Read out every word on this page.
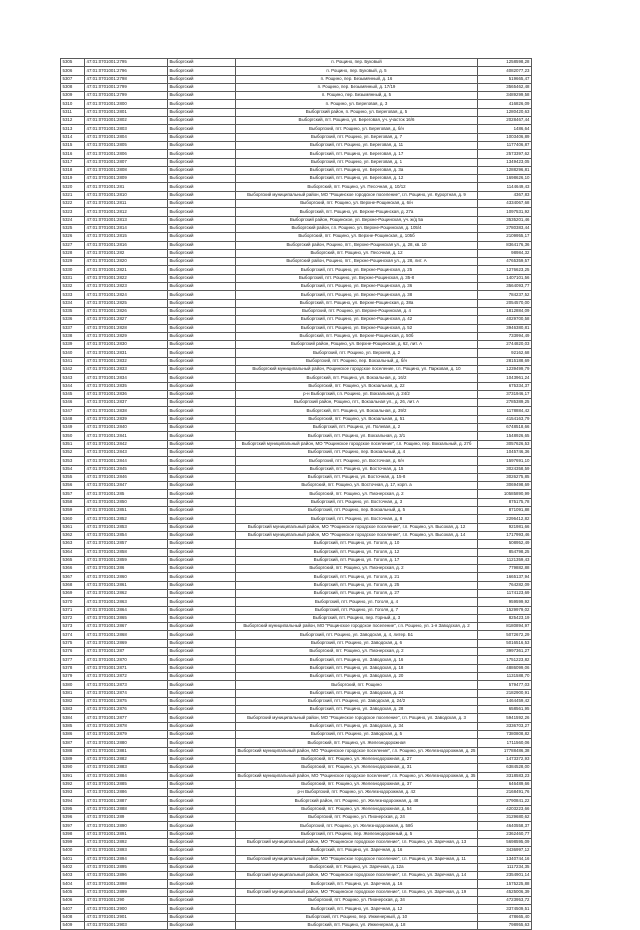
5305	47:01:0701001:2795	Выборгский	п. Рощино, пер. Буковый	1258598,28
5306	47:01:0701001:2796	Выборгский	п. Рощино, пер. Буковый, д. 5	4082077,23
5307	47:01:0701001:2798	Выборгский	п. Рощино, пер. Безымянный, д. 16	519665,47
5308	47:01:0701001:2799	Выборгский	п. Рощино, пер. Безымянный, д. 17/19	3565462,48
5309	47:01:0701001:2799	Выборгский	п. Рощино, пер. Безымянный, д. 5	3489299,58
5310	47:01:0701001:2800	Выборгский	п. Рощино, ул. Береговая, д. 3	416826,09
5311	47:01:0701001:2801	Выборгский	Выборгский район, п. Рощино, ул. Береговая, д. 5	1280420,63
5312	47:01:0701001:2802	Выборгский	Выборгский, пгт. Рощино, ул. Береговая, уч. участок 16/6	2028467,44
5313	47:01:0701001:2803	Выборгский	Выборгский, пгт. Рощино, ул. Береговая, д. б/н	1486,64
5314	47:01:0701001:2804	Выборгский	Выборгский, пгт. Рощино, ул. Береговая, д. 7	1003406,89
5315	47:01:0701001:2805	Выборгский	Выборгский, пгт. Рощино, ул. Береговая, д. 11	1177406,87
5316	47:01:0701001:2806	Выборгский	Выборгский, пгт. Рощино, ул. Береговая, д. 17	2573397,62
5317	47:01:0701001:2807	Выборгский	Выборгский, пгт. Рощино, ул. Береговая, д. 1	1349423,05
5318	47:01:0701001:2808	Выборгский	Выборгский, пгт. Рощино, ул. Береговая, д. 3а	1288296,81
5319	47:01:0701001:2809	Выборгский	Выборгский, пгт. Рощино, ул. Береговая, д. 12	1698626,10
5320	47:01:0701001:281	Выборгский	Выборгский, пгт. Рощино, ул. Песочная, д. 10/12	1144649,43
5321	47:01:0701001:2810	Выборгский	Выборгский муниципальный район, МО "Рощинское городское поселение", г.п. Рощино, ул. Курортная, д. 9	4367,83
5322	47:01:0701001:2811	Выборгский	Выборгский, пгт. Рощино, ул. Верхне-Рощинская, д. 6/н	4334067,68
5323	47:01:0701001:2812	Выборгский	Выборгский, пгт. Рощино, ул. Верхне-Рощинская, д. 27а	1097531,92
5324	47:01:0701001:2813	Выборгский	Выборгский район, Рощинское, ул. Верхне-Рощинская, уч. ж/д 5а	3535201,46
5325	47:01:0701001:2814	Выборгский	Выборгский район, г.п. Рощино, ул. Верхне-Рощинская, д. 105/4	2780383,44
5326	47:01:0701001:2815	Выборгский	Выборгский, пгт. Рощино, ул. Верхне-Рощинская, д. 105б	2109955,17
5327	47:01:0701001:2816	Выборгский	Выборгский район, Рощино, пгт., Верхне-Рощинская ул., д. 28, кв. 10	8364176,36
5328	47:01:0701001:282	Выборгский	Выборгский, пгт. Рощино, ул. Песочная, д. 12	98984,32
5329	47:01:0701001:2820	Выборгский	Выборгский район, Рощино, пгт., Верхне-Рощинская ул., д. 28, лит. А	4765359,57
5330	47:01:0701001:2821	Выборгский	Выборгский, пгт. Рощино, ул. Верхне-Рощинская, д. 25	1276623,25
5331	47:01:0701001:2822	Выборгский	Выборгский, пгт. Рощино, ул. Верхне-Рощинская, д. 35-8	1407101,56
5332	47:01:0701001:2823	Выборгский	Выборгский, пгт. Рощино, ул. Верхне-Рощинская, д. 36	3564093,77
5333	47:01:0701001:2824	Выборгский	Выборгский, пгт. Рощино, ул. Верхне-Рощинская, д. 38	784237,52
5334	47:01:0701001:2825	Выборгский	Выборгский, пгт. Рощино, ул. Верхне-Рощинская, д. 38а	2054570,00
5335	47:01:0701001:2826	Выборгский	Выборгский, пгт. Рощино, ул. Верхне-Рощинская, д. 4	1812884,09
5336	47:01:0701001:2827	Выборгский	Выборгский, пгт. Рощино, ул. Верхне-Рощинская, д. 42	4029700,58
5337	47:01:0701001:2828	Выборгский	Выборгский, пгт. Рощино, ул. Верхне-Рощинская, д. 52	3946380,81
5338	47:01:0701001:2829	Выборгский	Выборгский, пгт. Рощино, ул. Верхне-Рощинская, д. 50б	733994,49
5339	47:01:0701001:2830	Выборгский	Выборгский район, Рощино, ул. Верхне-Рощинская, д. 62, лит. А	2744820,03
5340	47:01:0701001:2831	Выборгский	Выборгский, пгт. Рощино, ул. Верхняя, д. 2	92162,68
5341	47:01:0701001:2832	Выборгский	Выборгский, пгт. Рощино, пер. Вокзальный, д. б/н	2815188,69
5342	47:01:0701001:2833	Выборгский	Выборгский муниципальный район, Рощинское городское поселение, г.п. Рощино, ул. Парковая, д. 10	1239499,79
5343	47:01:0701001:2834	Выборгский	Выборгский, пгт. Рощино, ул. Вокзальная, д. 16/2	1043961,24
5344	47:01:0701001:2835	Выборгский	Выборгский, пгт. Рощино, ул. Вокзальная, д. 22	675334,37
5345	47:01:0701001:2836	Выборгский	р-н Выборгский, г.п. Рощино, ул. Вокзальная, д. 24/2	3731946,17
5346	47:01:0701001:2837	Выборгский	Выборгский район, Рощино, пгт., Вокзальная ул., д. 26, лит. А	2785389,25
5347	47:01:0701001:2838	Выборгский	Выборгский, пгт. Рощино, ул. Вокзальная, д. 39/2	1178884,42
5348	47:01:0701001:2839	Выборгский	Выборгский, пгт. Рощино, ул. Вокзальная, д. 51	4154163,79
5349	47:01:0701001:2840	Выборгский	Выборгский, пгт. Рощино, ул. Полевая, д. 2	6748518,66
5350	47:01:0701001:2841	Выборгский	Выборгский, пгт. Рощино, ул. Вокзальная, д. 3/1	1548926,65
5351	47:01:0701001:2842	Выборгский	Выборгский муниципальный район, МО "Рощинское городское поселение", г.п. Рощино, пер. Вокзальный, д. 27б	3057626,53
5352	47:01:0701001:2843	Выборгский	Выборгский, пгт. Рощино, пер. Вокзальный, д. 4	1045746,36
5353	47:01:0701001:2844	Выборгский	Выборгский, пгт. Рощино, ул. Восточная, д. 6/н	1597691,10
5354	47:01:0701001:2845	Выборгский	Выборгский, пгт. Рощино, ул. Восточная, д. 15	3024358,59
5355	47:01:0701001:2846	Выборгский	Выборгский, пгт. Рощино, ул. Восточная, д. 15-8	3026275,85
5356	47:01:0701001:2847	Выборгский	Выборгский, пгт. Рощино, ул. Восточная, д. 17, корп. а	3069498,69
5357	47:01:0701001:285	Выборгский	Выборгский, пгт. Рощино, ул. Пионерская, д. 2	10585890,99
5358	47:01:0701001:2850	Выборгский	Выборгский, пгт. Рощино, ул. Восточная, д. 3	875175,78
5359	47:01:0701001:2851	Выборгский	Выборгский, пгт. Рощино, пер. Вокзальный, д. 5	871091,88
5360	47:01:0701001:2852	Выборгский	Выборгский, пгт. Рощино, ул. Восточная, д. 8	2296412,82
5361	47:01:0701001:2853	Выборгский	Выборгский муниципальный район, МО "Рощинское городское поселение", г.п. Рощино, ул. Высокая, д. 12	921981,66
5362	47:01:0701001:2854	Выборгский	Выборгский муниципальный район, МО "Рощинское городское поселение", г.п. Рощино, ул. Высокая, д. 14	1717993,46
5363	47:01:0701001:2857	Выборгский	Выборгский, пгт. Рощино, ул. Гоголя, д. 10	508952,49
5364	47:01:0701001:2858	Выборгский	Выборгский, пгт. Рощино, ул. Гоголя, д. 12	854798,25
5365	47:01:0701001:2859	Выборгский	Выборгский, пгт. Рощино, ул. Гоголя, д. 17	1121359,43
5366	47:01:0701001:286	Выборгский	Выборгский, пгт. Рощино, ул. Пионерская, д. 2	779882,88
5367	47:01:0701001:2860	Выборгский	Выборгский, пгт. Рощино, ул. Гоголя, д. 21	1665137,94
5368	47:01:0701001:2861	Выборгский	Выборгский, пгт. Рощино, ул. Гоголя, д. 25	764282,09
5369	47:01:0701001:2862	Выборгский	Выборгский, пгт. Рощино, ул. Гоголя, д. 27	1174123,69
5370	47:01:0701001:2863	Выборгский	Выборгский, пгт. Рощино, ул. Гоголя, д. 4	959599,92
5371	47:01:0701001:2864	Выборгский	Выборгский, пгт. Рощино, ул. Гоголя, д. 7	1529979,02
5372	47:01:0701001:2865	Выборгский	Выборгский, пгт. Рощино, пер. Горный, д. 3	825423,19
5373	47:01:0701001:2867	Выборгский	Выборгский муниципальный район, МО "Рощинское городское поселение", г.п. Рощино, ул. 1-я Заводская, д. 2	8180894,97
5374	47:01:0701001:2868	Выборгский	Выборгский, пгт. Рощино, ул. Заводская, д. 4, литер. Б1	5072672,29
5375	47:01:0701001:2869	Выборгский	Выборгский, пгт. Рощино, ул. Заводская, д. 6	5016516,53
5376	47:01:0701001:287	Выборгский	Выборгский, пгт. Рощино, ул. Пионерская, д. 2	3997361,27
5377	47:01:0701001:2870	Выборгский	Выборгский, пгт. Рощино, ул. Заводская, д. 16	1751223,82
5378	47:01:0701001:2871	Выборгский	Выборгский, пгт. Рощино, ул. Заводская, д. 18	4886099,06
5379	47:01:0701001:2872	Выборгский	Выборгский, пгт. Рощино, ул. Заводская, д. 20	1131588,70
5380	47:01:0701001:2873	Выборгский	Выборгский, пгт. Рощино	579477,03
5381	47:01:0701001:2874	Выборгский	Выборгский, пгт. Рощино, ул. Заводская, д. 24	2182900,91
5382	47:01:0701001:2875	Выборгский	Выборгский, пгт. Рощино, ул. Заводская, д. 24/2	1464459,42
5383	47:01:0701001:2876	Выборгский	Выборгский, пгт. Рощино, ул. Заводская, д. 28	658561,95
5384	47:01:0701001:2877	Выборгский	Выборгский муниципальный район, МО "Рощинское городское поселение", г.п. Рощино, ул. Заводская, д. 3	5941592,26
5385	47:01:0701001:2878	Выборгский	Выборгский, пгт. Рощино, ул. Заводская, д. 34	3336703,27
5386	47:01:0701001:2879	Выборгский	Выборгский, пгт. Рощино, ул. Заводская, д. 5	7380808,82
5387	47:01:0701001:2880	Выборгский	Выборгский, пгт. Рощино, ул. Железнодорожная	1711560,06
5388	47:01:0701001:2881	Выборгский	Выборгский муниципальный район, МО "Рощинское городское поселение", г.п. Рощино, ул. Железнодорожная, д. 25	17788486,38
5389	47:01:0701001:2882	Выборгский	Выборгский, пгт. Рощино, ул. Железнодорожная, д. 27	1473372,93
5390	47:01:0701001:2883	Выборгский	Выборгский, пгт. Рощино, ул. Железнодорожная, д. 31	6384528,00
5391	47:01:0701001:2884	Выборгский	Выборгский муниципальный район, МО "Рощинское городское поселение", г.п. Рощино, ул. Железнодорожная, д. 35	3318583,23
5392	47:01:0701001:2885	Выборгский	Выборгский, пгт. Рощино, ул. Железнодорожная, д. 37	646489,66
5393	47:01:0701001:2886	Выборгский	р-н Выборгский, пгт. Рощино, ул. Железнодорожная, д. 42	2168491,76
5394	47:01:0701001:2887	Выборгский	Выборгский район, пгт. Рощино, ул. Железнодорожная, д. 48	2790841,22
5395	47:01:0701001:2888	Выборгский	Выборгский, пгт. Рощино, ул. Железнодорожная, д. 54	4203223,66
5396	47:01:0701001:289	Выборгский	Выборгский, пгт. Рощино, ул. Пионерская, д. 24	3129680,62
5397	47:01:0701001:2890	Выборгский	Выборгский, пгт. Рощино, ул. Железнодорожная, д. 58б	4640558,37
5398	47:01:0701001:2891	Выборгский	Выборгский, пгт. Рощино, пер. Железнодорожный, д. 5	2362460,77
5399	47:01:0701001:2892	Выборгский	Выборгский муниципальный район, МО "Рощинское городское поселение", г.п. Рощино, ул. Заречная, д. 13	5698595,09
5400	47:01:0701001:2893	Выборгский	Выборгский, пгт. Рощино, ул. Заречная, д. 16	3436997,12
5401	47:01:0701001:2894	Выборгский	Выборгский муниципальный район, МО "Рощинское городское поселение", г.п. Рощино, ул. Заречная, д. 11	1340744,16
5402	47:01:0701001:2895	Выборгский	Выборгский, пгт. Рощино, ул. Заречная, д. 12а	1117234,35
5403	47:01:0701001:2896	Выборгский	Выборгский муниципальный район, МО "Рощинское городское поселение", г.п. Рощино, ул. Заречная, д. 14	2354901,14
5404	47:01:0701001:2898	Выборгский	Выборгский, пгт. Рощино, ул. Заречная, д. 16	1575225,88
5405	47:01:0701001:2899	Выборгский	Выборгский муниципальный район, МО "Рощинское городское поселение", г.п. Рощино, ул. Заречная, д. 19	4525006,39
5406	47:01:0701001:290	Выборгский	Выборгский, пгт. Рощино, ул. Пионерская, д. 34	4723953,72
5407	47:01:0701001:2900	Выборгский	Выборгский, пгт. Рощино, ул. Заречная, д. 12	3374509,51
5408	47:01:0701001:2901	Выборгский	Выборгский, пгт. Рощино, пер. Инженерный, д. 10	478665,40
5409	47:01:0701001:2903	Выборгский	Выборгский, пгт. Рощино, ул. Инженерная, д. 18	798955,63
